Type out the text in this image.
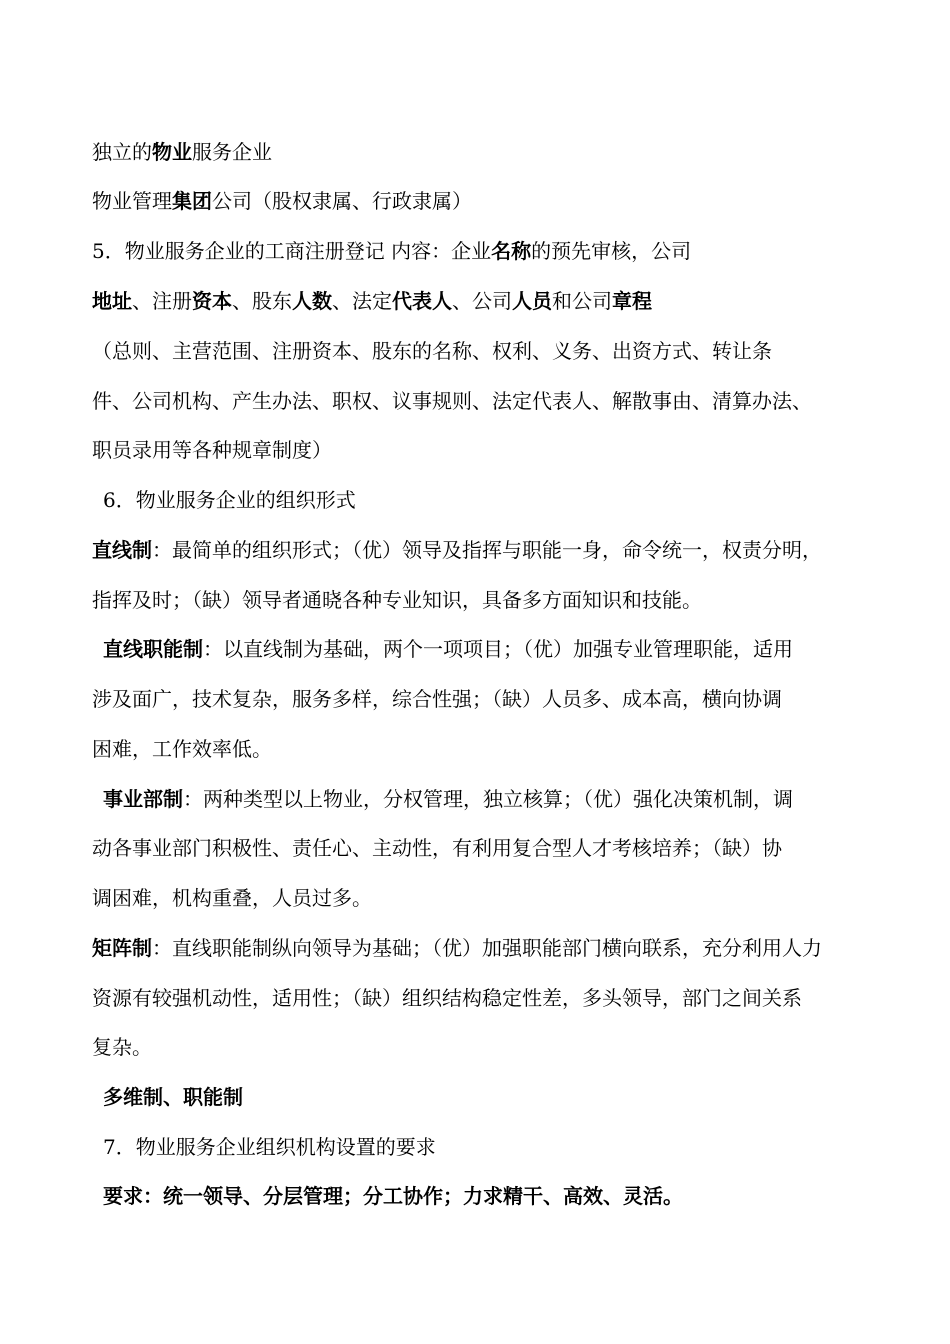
独立的物业服务企业
物业管理集团公司（股权隶属、行政隶属）
5．物业服务企业的工商注册登记 内容：企业名称的预先审核，公司
地址、注册资本、股东人数、法定代表人、公司人员和公司章程
（总则、主营范围、注册资本、股东的名称、权利、义务、出资方式、转让条
件、公司机构、产生办法、职权、议事规则、法定代表人、解散事由、清算办法、
职员录用等各种规章制度）
6．物业服务企业的组织形式
直线制：最简单的组织形式；（优）领导及指挥与职能一身，命令统一，权责分明，
指挥及时；（缺）领导者通晓各种专业知识，具备多方面知识和技能。
直线职能制：以直线制为基础，两个一项项目；（优）加强专业管理职能，适用
涉及面广，技术复杂，服务多样，综合性强；（缺）人员多、成本高，横向协调
困难，工作效率低。
事业部制：两种类型以上物业，分权管理，独立核算；（优）强化决策机制，调
动各事业部门积极性、责任心、主动性，有利用复合型人才考核培养；（缺）协
调困难，机构重叠，人员过多。
矩阵制：直线职能制纵向领导为基础；（优）加强职能部门横向联系，充分利用人力
资源有较强机动性，适用性；（缺）组织结构稳定性差，多头领导，部门之间关系
复杂。
多维制、职能制
7．物业服务企业组织机构设置的要求
要求：统一领导、分层管理；分工协作；力求精干、高效、灵活。
